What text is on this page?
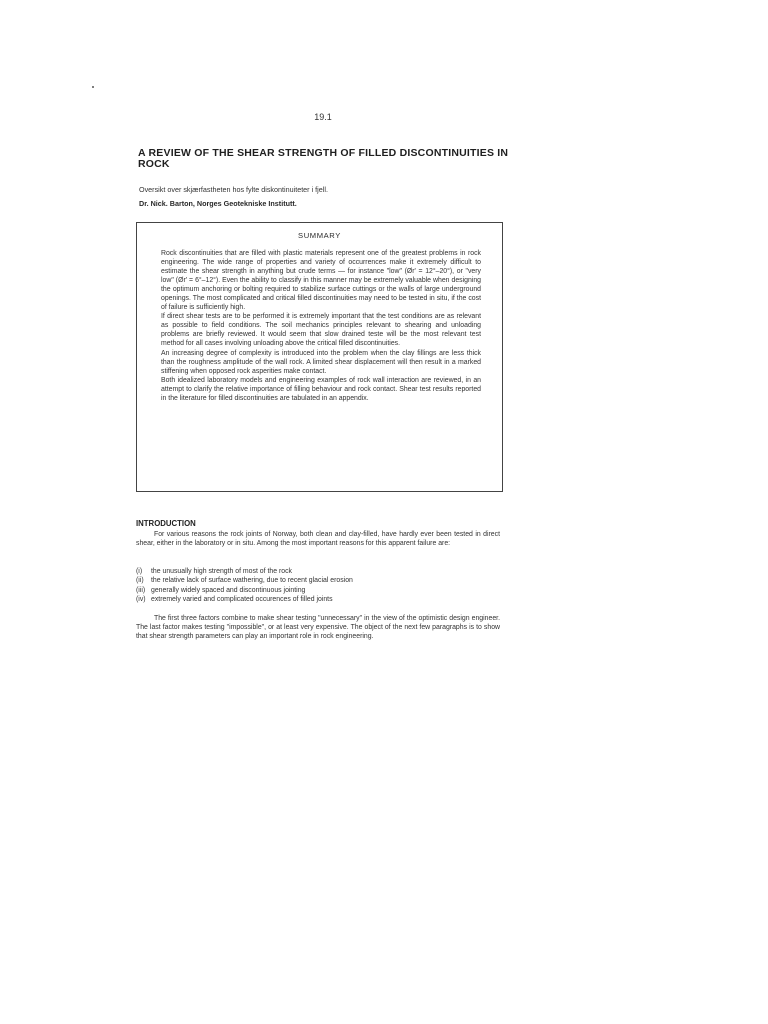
19.1
A REVIEW OF THE SHEAR STRENGTH OF FILLED DISCONTINUITIES IN ROCK
Oversikt over skjærfastheten hos fylte diskontinuiteter i fjell.
Dr. Nick. Barton, Norges Geotekniske Institutt.
SUMMARY

Rock discontinuities that are filled with plastic materials represent one of the greatest problems in rock engineering. The wide range of properties and variety of occurrences make it extremely difficult to estimate the shear strength in anything but crude terms — for instance "low" (Ør' = 12°–20°), or "very low" (Ør' = 6°–12°). Even the ability to classify in this manner may be extremely valuable when designing the optimum anchoring or bolting required to stabilize surface cuttings or the walls of large underground openings. The most complicated and critical filled discontinuities may need to be tested in situ, if the cost of failure is sufficiently high.

If direct shear tests are to be performed it is extremely important that the test conditions are as relevant as possible to field conditions. The soil mechanics principles relevant to shearing and unloading problems are briefly reviewed. It would seem that slow drained teste will be the most relevant test method for all cases involving unloading above the critical filled discontinuities.

An increasing degree of complexity is introduced into the problem when the clay fillings are less thick than the roughness amplitude of the wall rock. A limited shear displacement will then result in a marked stiffening when opposed rock asperities make contact.

Both idealized laboratory models and engineering examples of rock wall interaction are reviewed, in an attempt to clarify the relative importance of filling behaviour and rock contact. Shear test results reported in the literature for filled discontinuities are tabulated in an appendix.

INTRODUCTION

For various reasons the rock joints of Norway, both clean and clay-filled, have hardly ever been tested in direct shear, either in the laboratory or in situ. Among the most important reasons for this apparent failure are:

(i)	the unusually high strength of most of the rock
(ii)	the relative lack of surface wathering, due to recent glacial erosion
(iii) generally widely spaced and discontinuous jointing
(iv) extremely varied and complicated occurences of filled joints

The first three factors combine to make shear testing "unnecessary" in the view of the optimistic design engineer. The last factor makes testing "impossible", or at least very expensive. The object of the next few paragraphs is to show that shear strength parameters can play an important role in rock engineering.
